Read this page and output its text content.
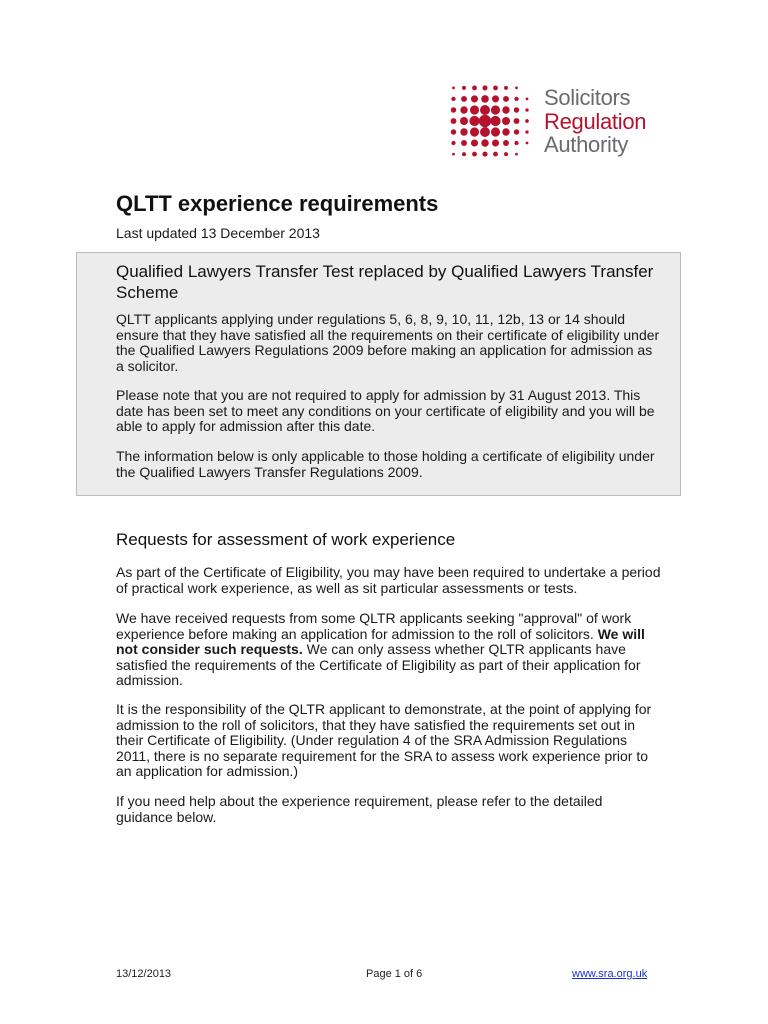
Solicitors
Regulation
Authority
QLTT experience requirements
Last updated 13 December 2013
Qualified Lawyers Transfer Test replaced by Qualified Lawyers Transfer Scheme

QLTT applicants applying under regulations 5, 6, 8, 9, 10, 11, 12b, 13 or 14 should ensure that they have satisfied all the requirements on their certificate of eligibility under the Qualified Lawyers Regulations 2009 before making an application for admission as a solicitor.

Please note that you are not required to apply for admission by 31 August 2013. This date has been set to meet any conditions on your certificate of eligibility and you will be able to apply for admission after this date.

The information below is only applicable to those holding a certificate of eligibility under the Qualified Lawyers Transfer Regulations 2009.

Requests for assessment of work experience

As part of the Certificate of Eligibility, you may have been required to undertake a period of practical work experience, as well as sit particular assessments or tests.

We have received requests from some QLTR applicants seeking "approval" of work experience before making an application for admission to the roll of solicitors. We will not consider such requests. We can only assess whether QLTR applicants have satisfied the requirements of the Certificate of Eligibility as part of their application for admission.

It is the responsibility of the QLTR applicant to demonstrate, at the point of applying for admission to the roll of solicitors, that they have satisfied the requirements set out in their Certificate of Eligibility. (Under regulation 4 of the SRA Admission Regulations 2011, there is no separate requirement for the SRA to assess work experience prior to an application for admission.)

If you need help about the experience requirement, please refer to the detailed guidance below.

13/12/2013	Page 1 of 6	www.sra.org.uk
